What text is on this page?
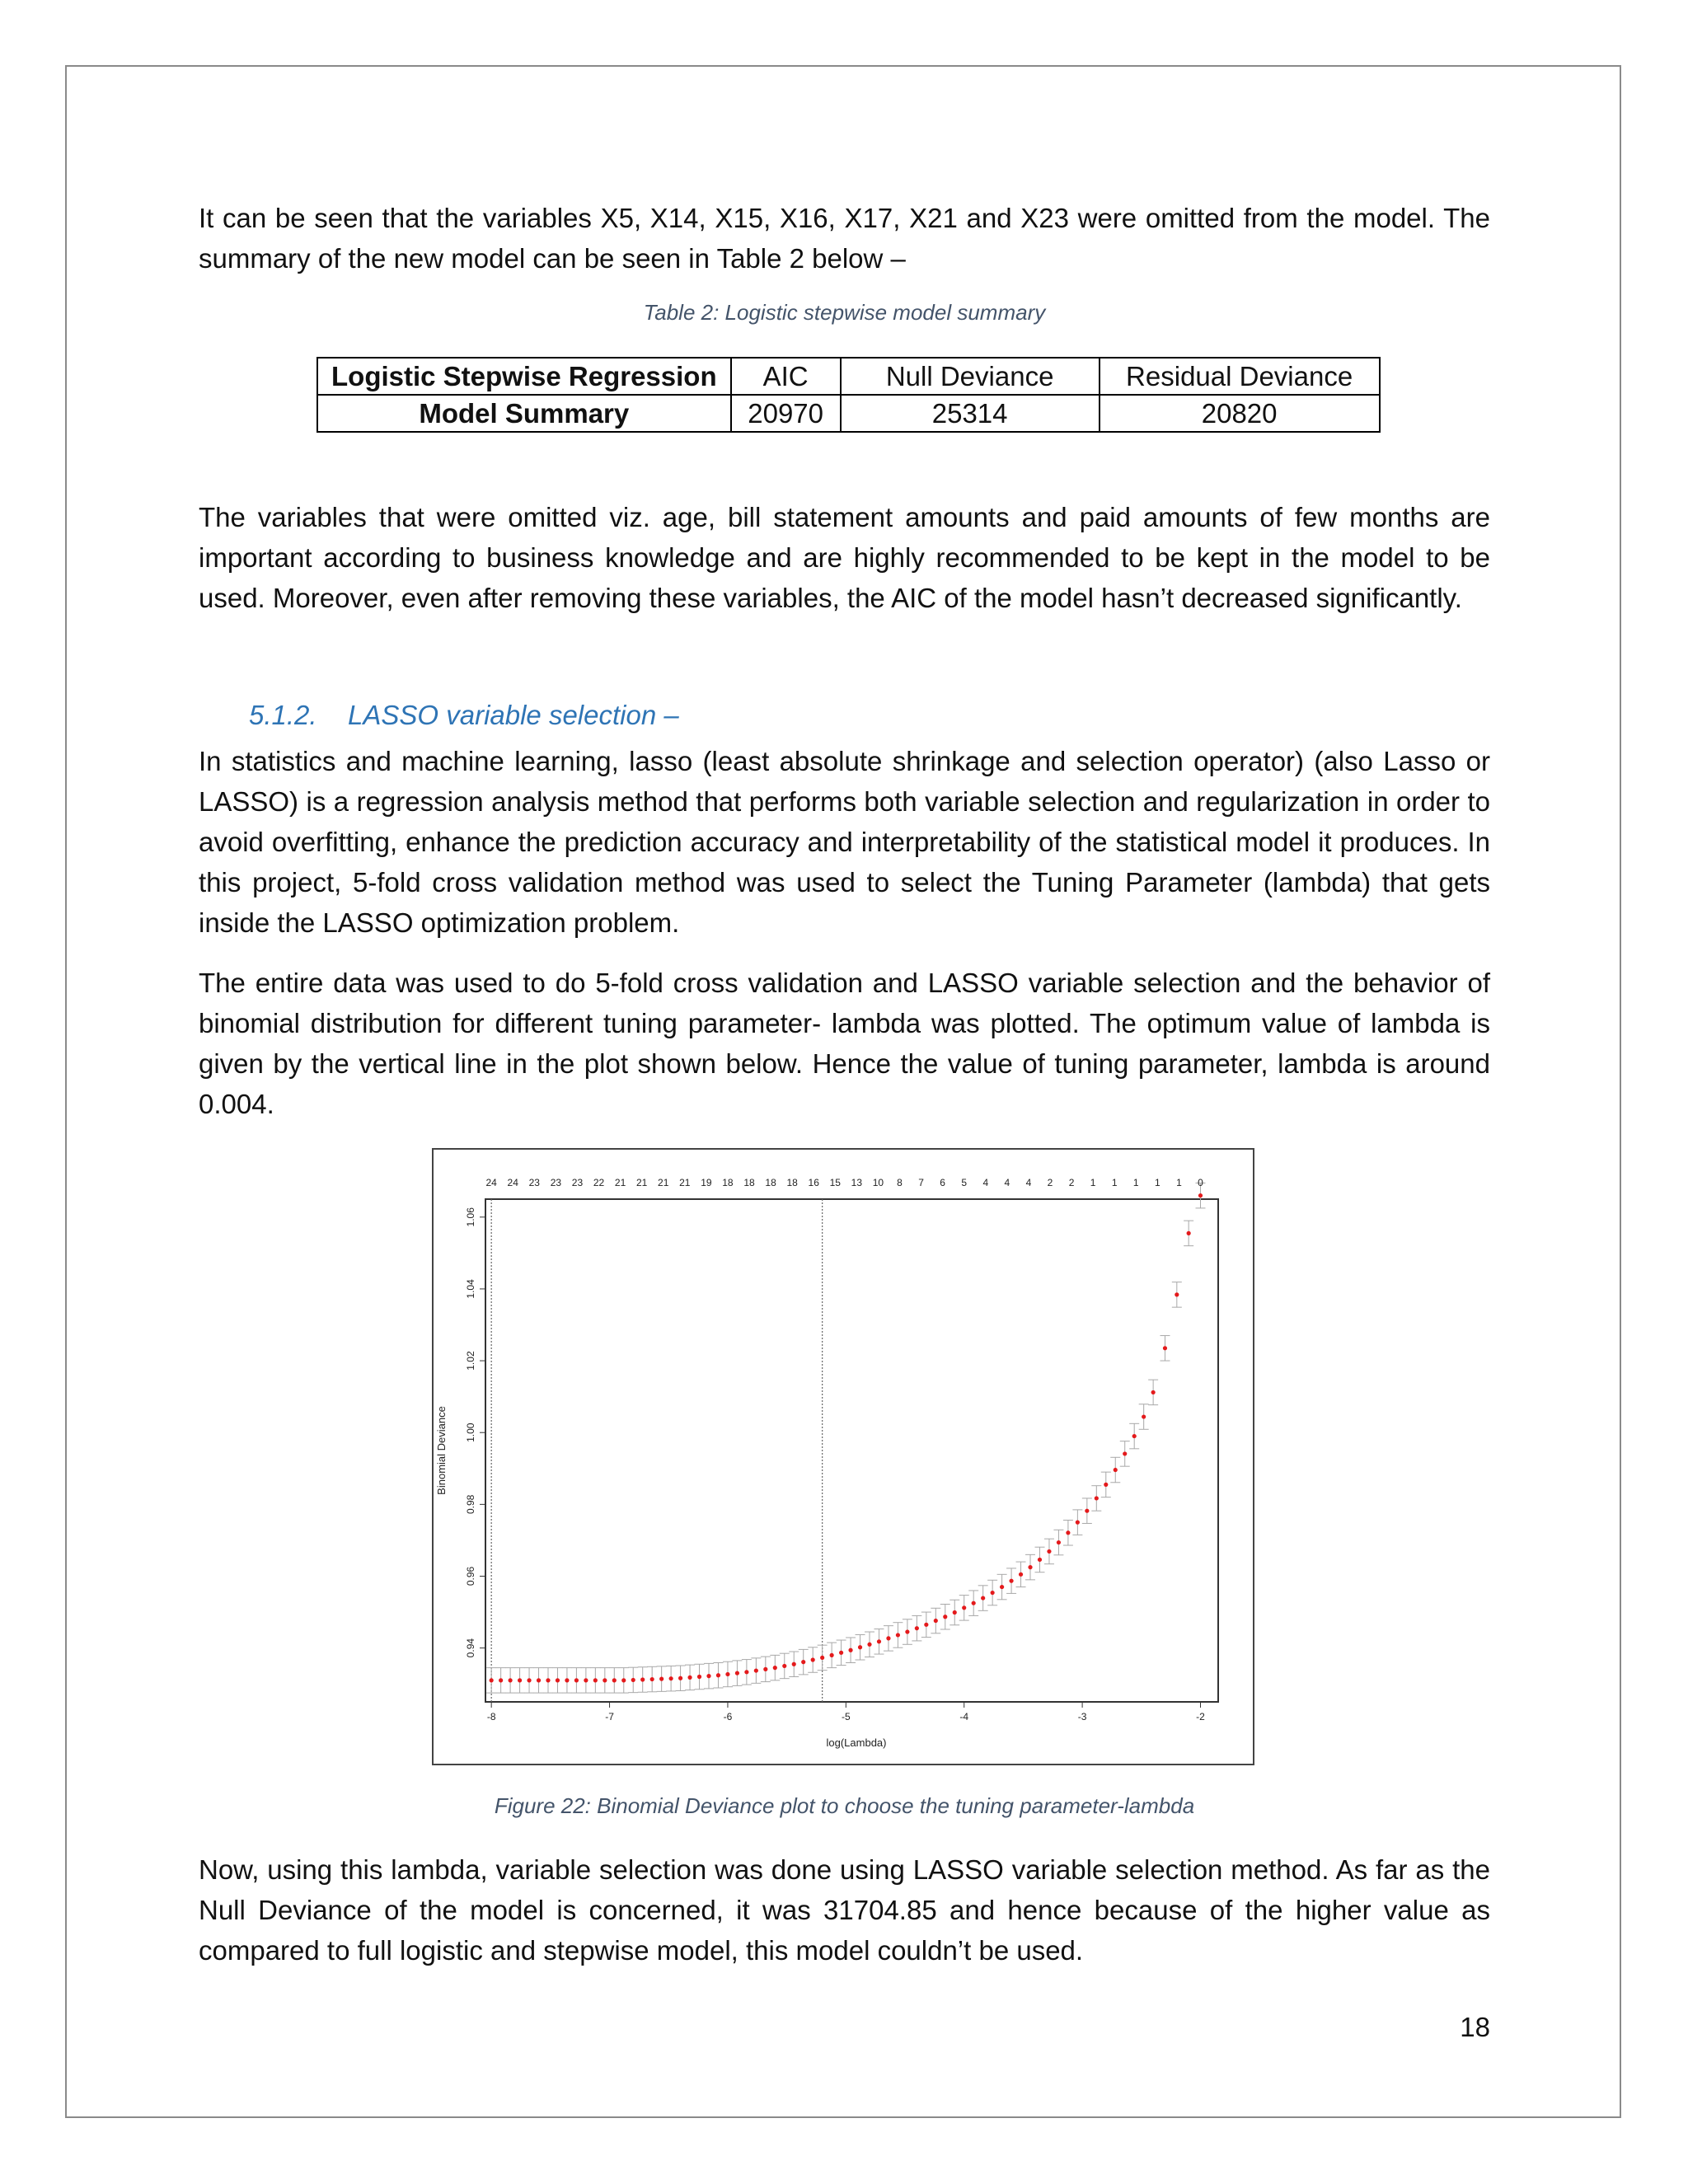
It can be seen that the variables X5, X14, X15, X16, X17, X21 and X23 were omitted from the model. The summary of the new model can be seen in Table 2 below –

Table 2: Logistic stepwise model summary

Logistic Stepwise Regression	AIC	Null Deviance	Residual Deviance
Model Summary	20970	25314	20820

The variables that were omitted viz. age, bill statement amounts and paid amounts of few months are important according to business knowledge and are highly recommended to be kept in the model to be used. Moreover, even after removing these variables, the AIC of the model hasn’t decreased significantly.

5.1.2. LASSO variable selection –

In statistics and machine learning, lasso (least absolute shrinkage and selection operator) (also Lasso or LASSO) is a regression analysis method that performs both variable selection and regularization in order to avoid overfitting, enhance the prediction accuracy and interpretability of the statistical model it produces. In this project, 5-fold cross validation method was used to select the Tuning Parameter (lambda) that gets inside the LASSO optimization problem.

The entire data was used to do 5-fold cross validation and LASSO variable selection and the behavior of binomial distribution for different tuning parameter- lambda was plotted. The optimum value of lambda is given by the vertical line in the plot shown below. Hence the value of tuning parameter, lambda is around 0.004.

-8	-7	-6	-5	-4	-3	-2
0.94
0.96
0.98
1.00
1.02
1.04
1.06
24 24 23 23 23 22 21 21 21 21 19 18 18 18 18 16 15 13 10 8 7 6 5 4 4 4 2 2 1 1 1 1 1 0
log(Lambda)
Binomial Deviance

Figure 22: Binomial Deviance plot to choose the tuning parameter-lambda

Now, using this lambda, variable selection was done using LASSO variable selection method. As far as the Null Deviance of the model is concerned, it was 31704.85 and hence because of the higher value as compared to full logistic and stepwise model, this model couldn’t be used.

18
